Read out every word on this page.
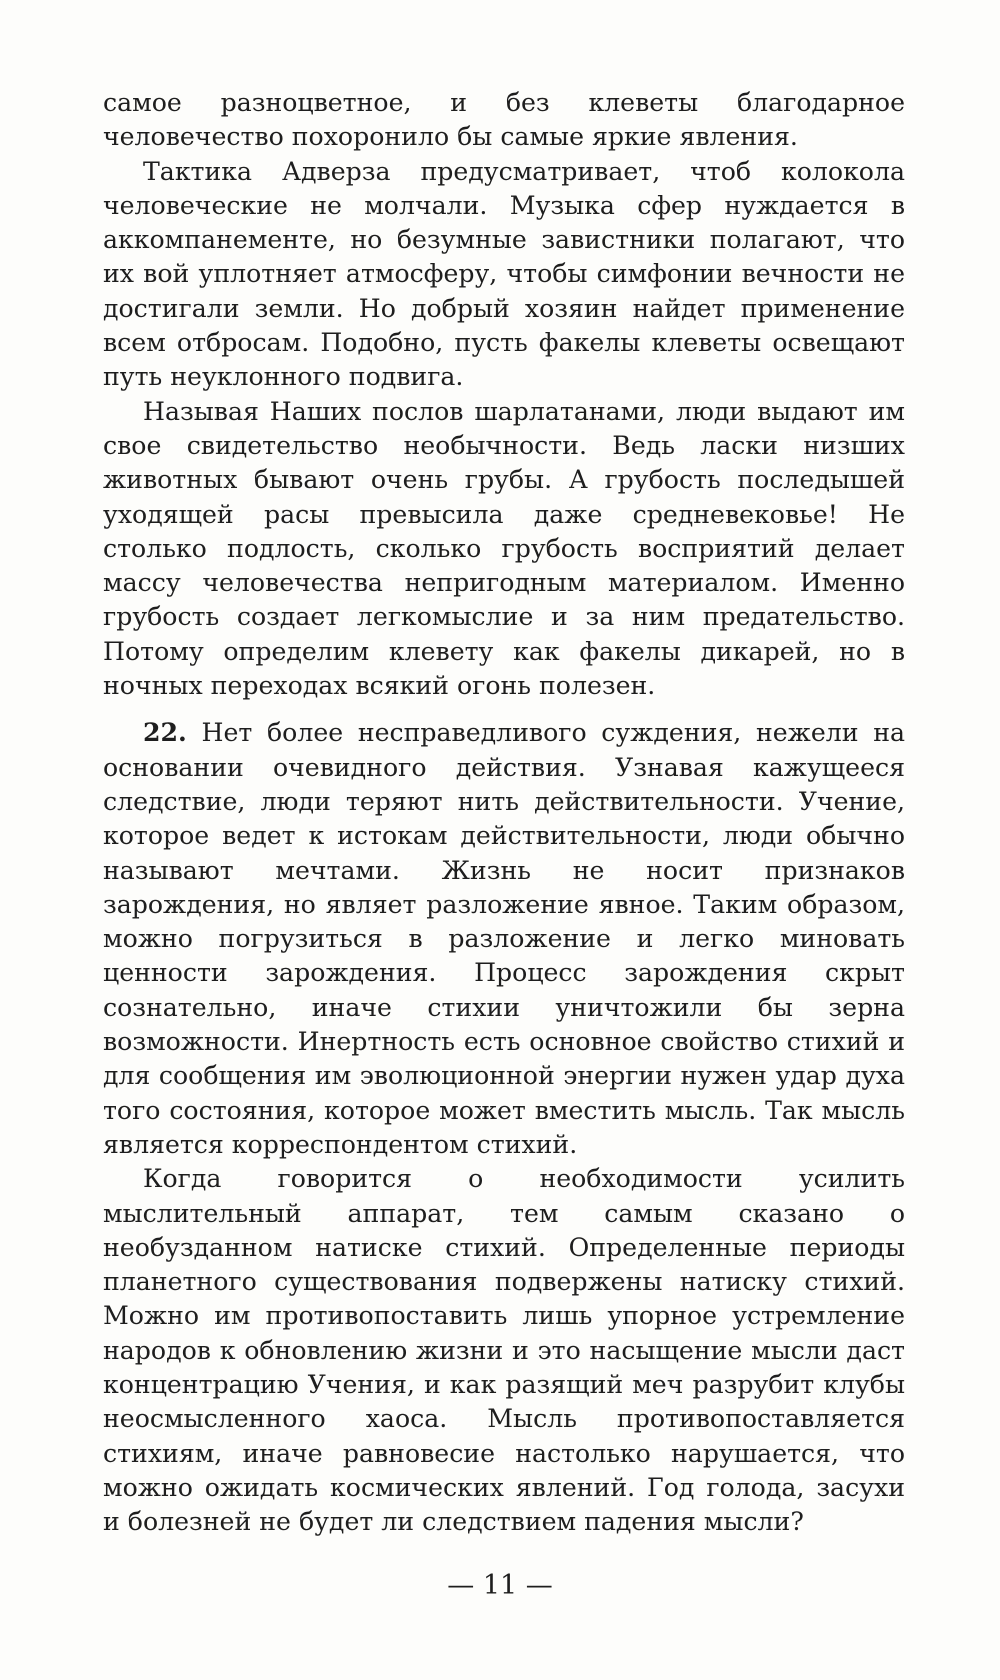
самое разноцветное, и без клеветы благодарное человечество похоронило бы самые яркие явления.

Тактика Адверза предусматривает, чтоб колокола человеческие не молчали. Музыка сфер нуждается в аккомпанементе, но безумные завистники полагают, что их вой уплотняет атмосферу, чтобы симфонии вечности не достигали земли. Но добрый хозяин найдет применение всем отбросам. Подобно, пусть факелы клеветы освещают путь неуклонного подвига.

Называя Наших послов шарлатанами, люди выдают им свое свидетельство необычности. Ведь ласки низших животных бывают очень грубы. А грубость последышей уходящей расы превысила даже средневековье! Не столько подлость, сколько грубость восприятий делает массу человечества непригодным материалом. Именно грубость создает легкомыслие и за ним предательство. Потому определим клевету как факелы дикарей, но в ночных переходах всякий огонь полезен.

22. Нет более несправедливого суждения, нежели на основании очевидного действия. Узнавая кажущееся следствие, люди теряют нить действительности. Учение, которое ведет к истокам действительности, люди обычно называют мечтами. Жизнь не носит признаков зарождения, но являет разложение явное. Таким образом, можно погрузиться в разложение и легко миновать ценности зарождения. Процесс зарождения скрыт сознательно, иначе стихии уничтожили бы зерна возможности. Инертность есть основное свойство стихий и для сообщения им эволюционной энергии нужен удар духа того состояния, которое может вместить мысль. Так мысль является корреспондентом стихий.

Когда говорится о необходимости усилить мыслительный аппарат, тем самым сказано о необузданном натиске стихий. Определенные периоды планетного существования подвержены натиску стихий. Можно им противопоставить лишь упорное устремление народов к обновлению жизни и это насыщение мысли даст концентрацию Учения, и как разящий меч разрубит клубы неосмысленного хаоса. Мысль противопоставляется стихиям, иначе равновесие настолько нарушается, что можно ожидать космических явлений. Год голода, засухи и болезней не будет ли следствием падения мысли?

— 11 —
